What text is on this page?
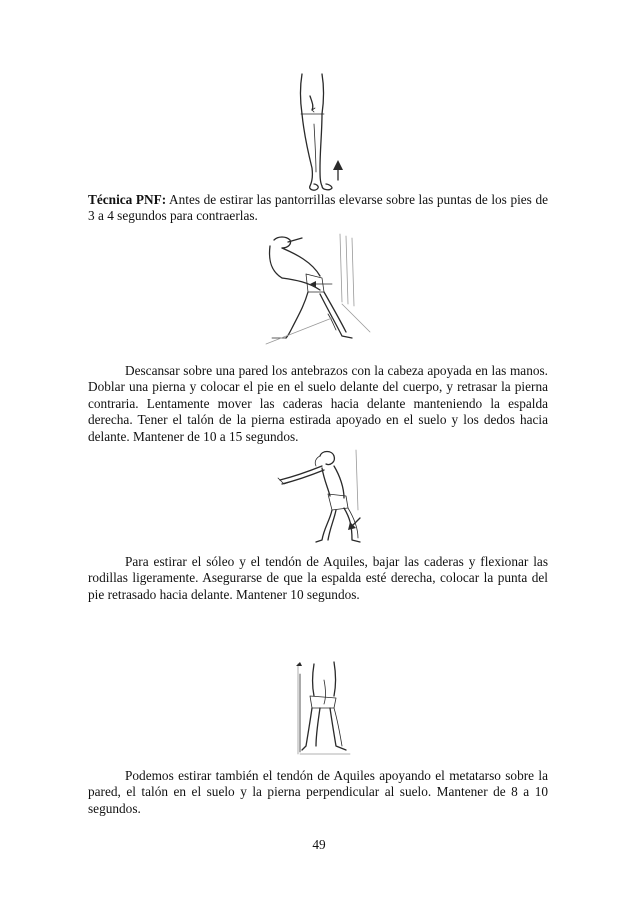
Técnica PNF: Antes de estirar las pantorrillas elevarse sobre las puntas de los pies de 3 a 4 segundos para contraerlas.

Descansar sobre una pared los antebrazos con la cabeza apoyada en las manos. Doblar una pierna y colocar el pie en el suelo delante del cuerpo, y retrasar la pierna contraria. Lentamente mover las caderas hacia delante manteniendo la espalda derecha. Tener el talón de la pierna estirada apoyado en el suelo y los dedos hacia delante. Mantener de 10 a 15 segundos.

Para estirar el sóleo y el tendón de Aquiles, bajar las caderas y flexionar las rodillas ligeramente. Asegurarse de que la espalda esté derecha, colocar la punta del pie retrasado hacia delante. Mantener 10 segundos.

Podemos estirar también el tendón de Aquiles apoyando el metatarso sobre la pared, el talón en el suelo y la pierna perpendicular al suelo. Mantener de 8 a 10 segundos.

49
